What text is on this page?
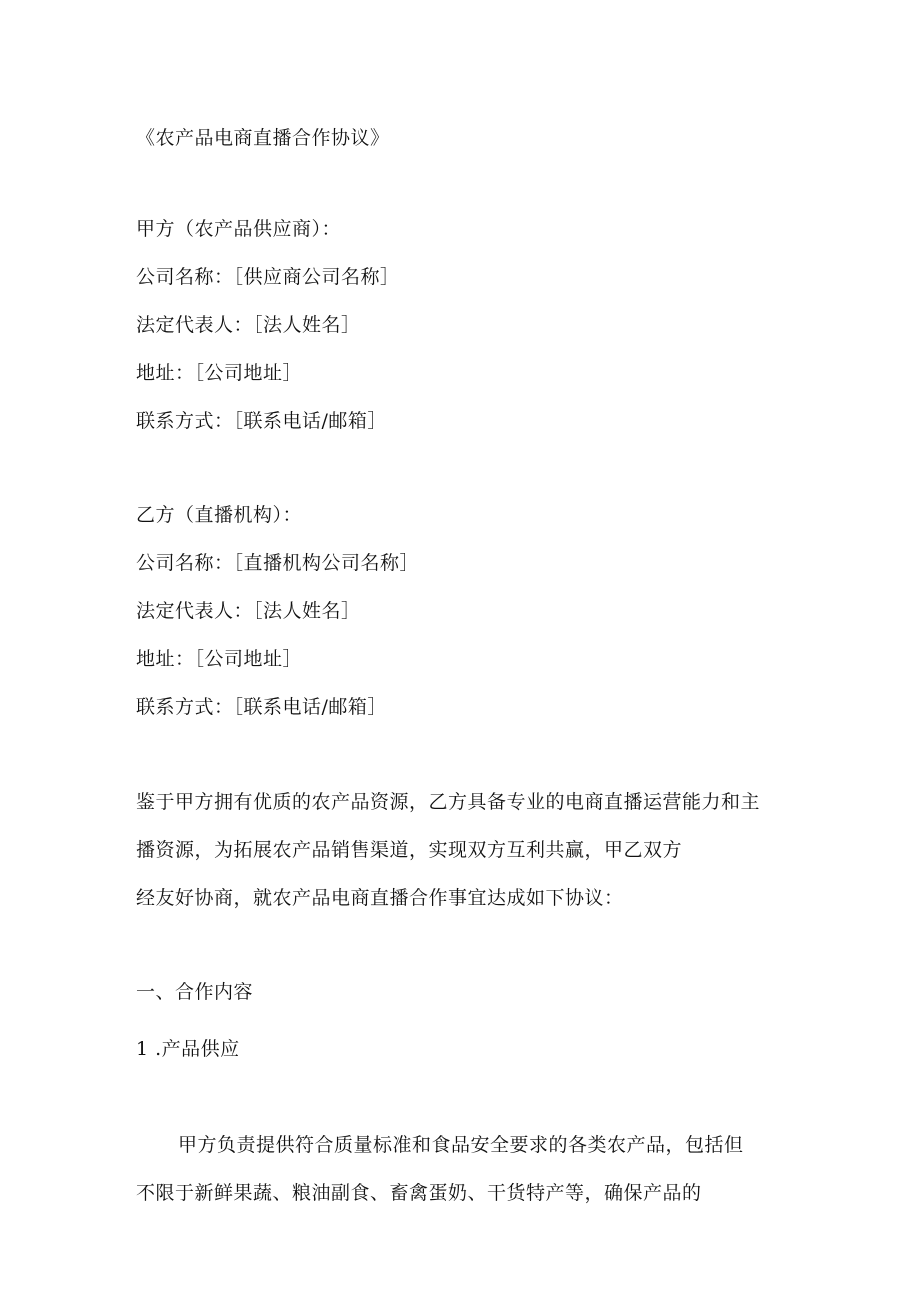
《农产品电商直播合作协议》
甲方（农产品供应商）：
公司名称：［供应商公司名称］
法定代表人：［法人姓名］
地址：［公司地址］
联系方式：［联系电话/邮箱］
乙方（直播机构）：
公司名称：［直播机构公司名称］
法定代表人：［法人姓名］
地址：［公司地址］
联系方式：［联系电话/邮箱］
鉴于甲方拥有优质的农产品资源，乙方具备专业的电商直播运营能力和主
播资源，为拓展农产品销售渠道，实现双方互利共赢，甲乙双方
经友好协商，就农产品电商直播合作事宜达成如下协议：
一、合作内容
1 .产品供应
甲方负责提供符合质量标准和食品安全要求的各类农产品，包括但
不限于新鲜果蔬、粮油副食、畜禽蛋奶、干货特产等，确保产品的
